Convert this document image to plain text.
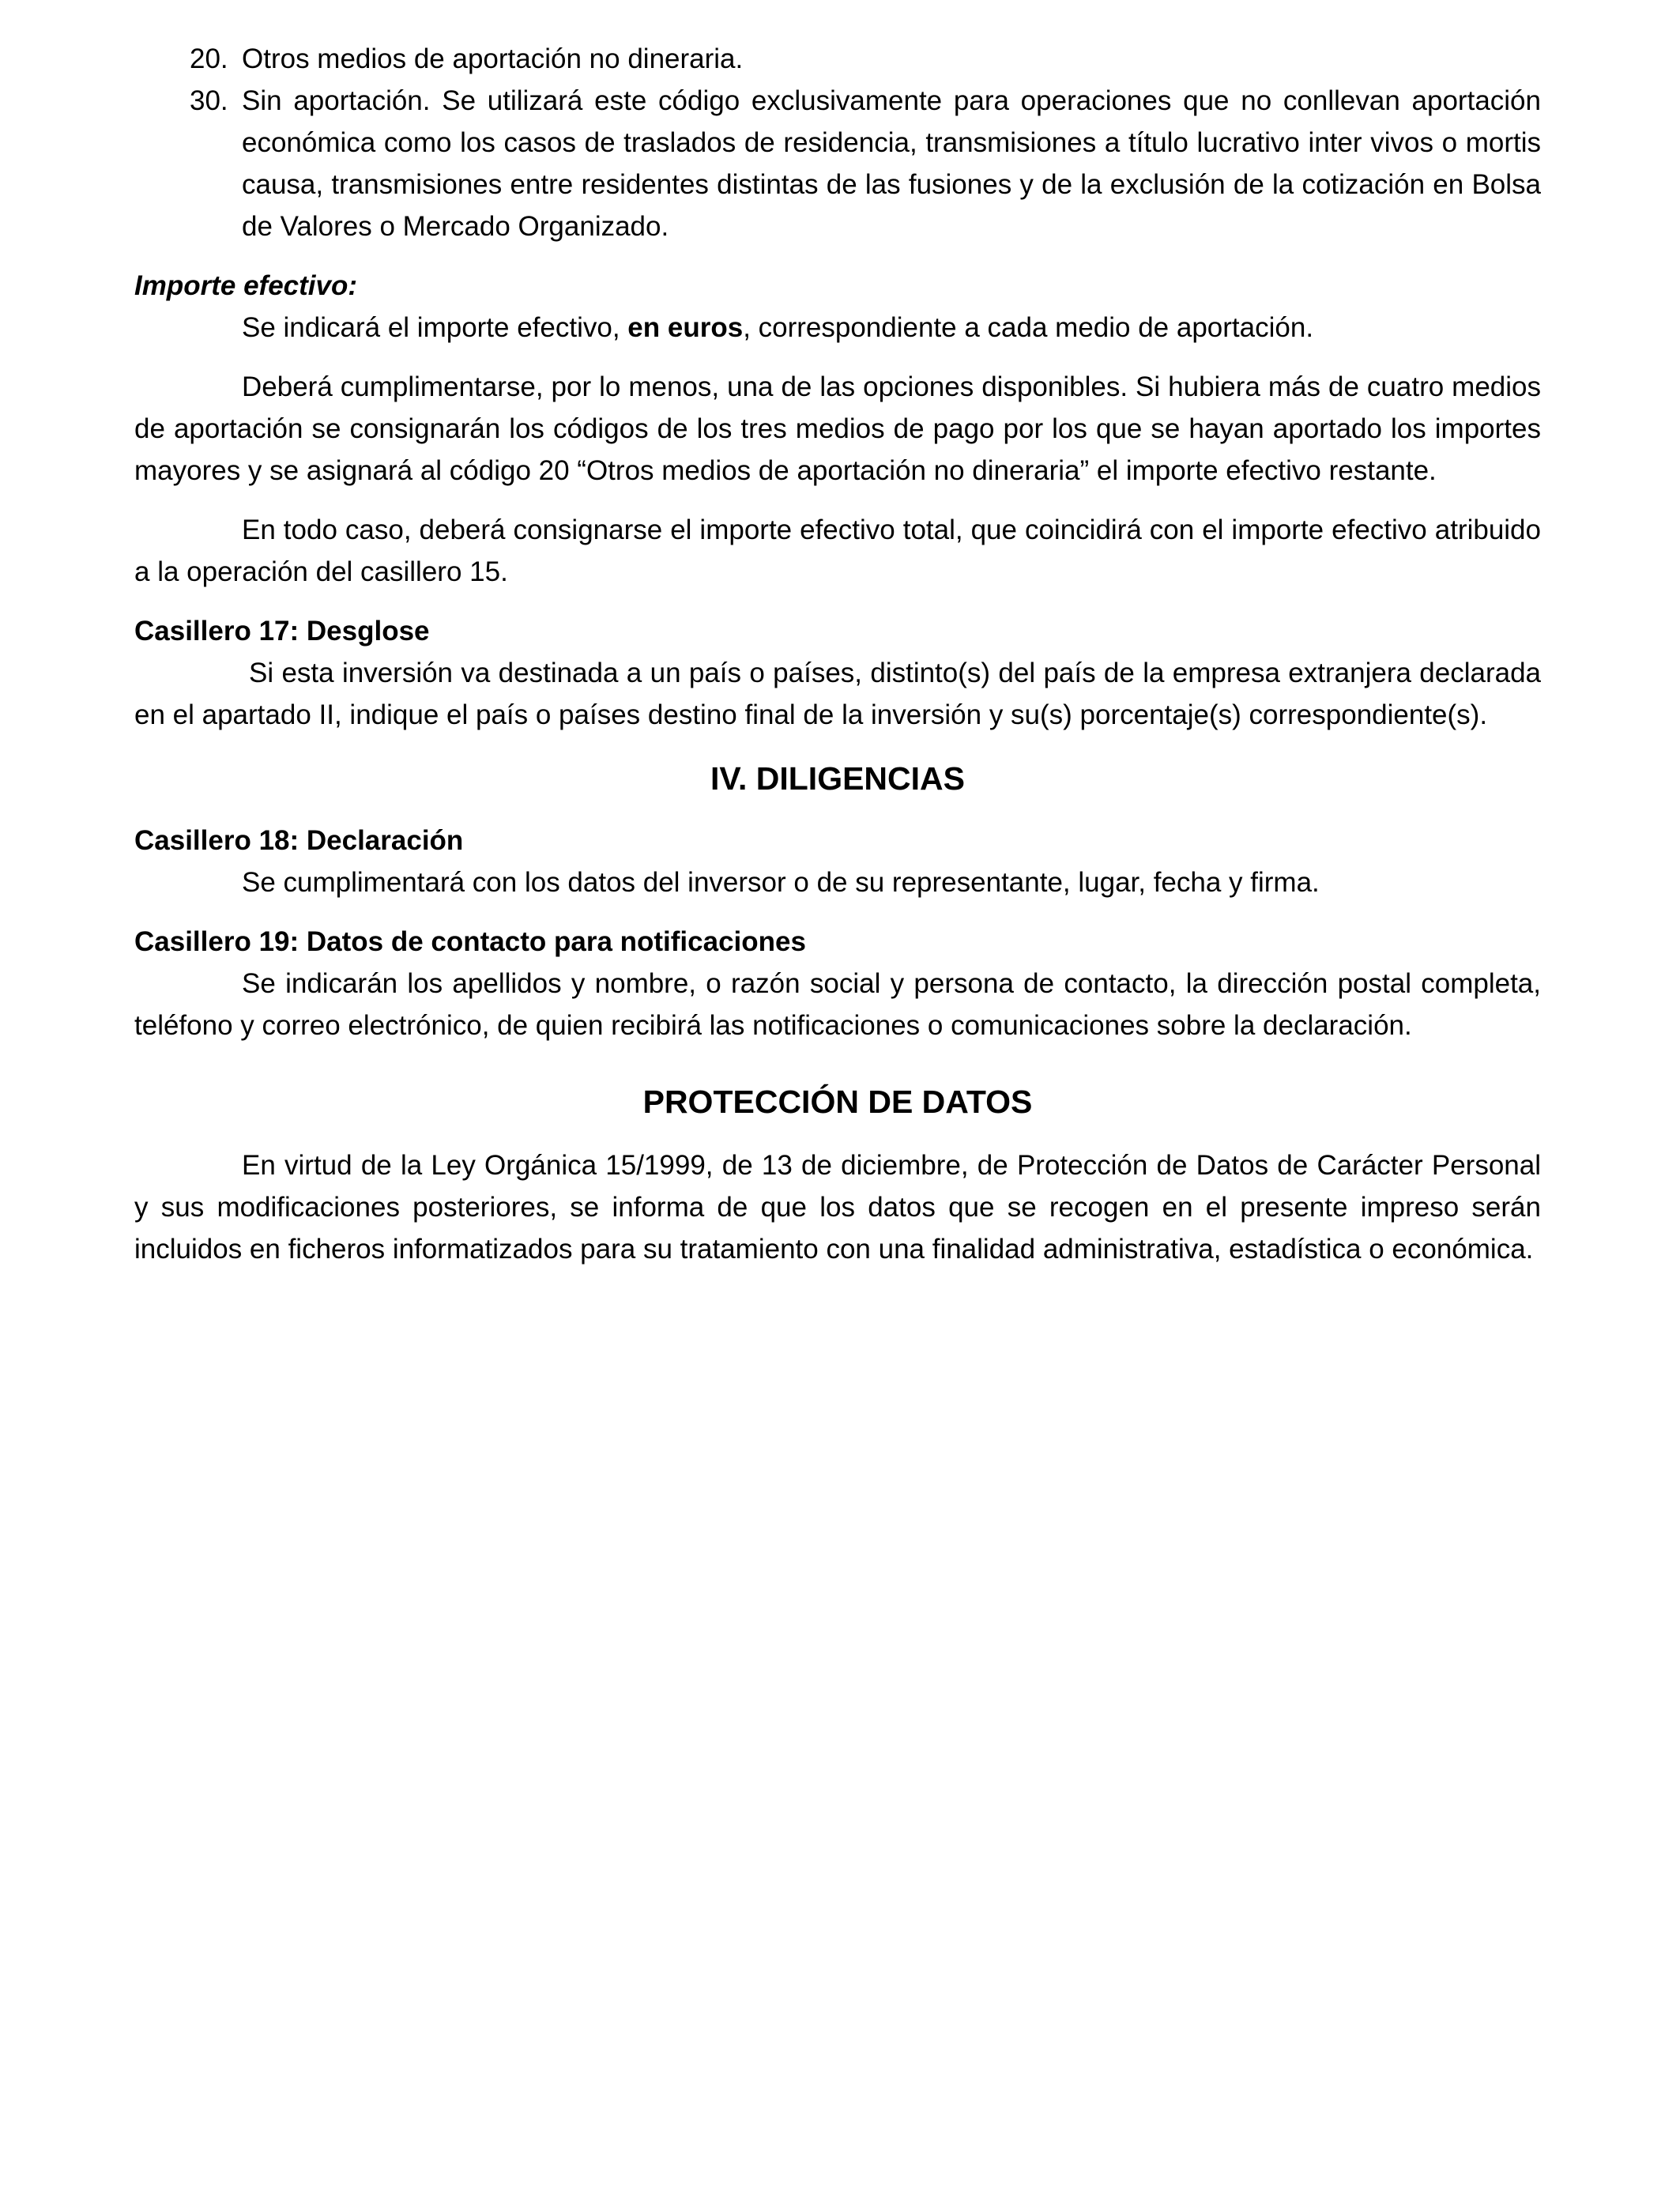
20. Otros medios de aportación no dineraria.
30. Sin aportación. Se utilizará este código exclusivamente para operaciones que no conllevan aportación económica como los casos de traslados de residencia, transmisiones a título lucrativo inter vivos o mortis causa, transmisiones entre residentes distintas de las fusiones y de la exclusión de la cotización en Bolsa de Valores o Mercado Organizado.
Importe efectivo:
Se indicará el importe efectivo, en euros, correspondiente a cada medio de aportación.
Deberá cumplimentarse, por lo menos, una de las opciones disponibles. Si hubiera más de cuatro medios de aportación se consignarán los códigos de los tres medios de pago por los que se hayan aportado los importes mayores y se asignará al código 20 “Otros medios de aportación no dineraria” el importe efectivo restante.
En todo caso, deberá consignarse el importe efectivo total, que coincidirá con el importe efectivo atribuido a la operación del casillero 15.
Casillero 17: Desglose
Si esta inversión va destinada a un país o países, distinto(s) del país de la empresa extranjera declarada en el apartado II, indique el país o países destino final de la inversión y su(s) porcentaje(s) correspondiente(s).
IV. DILIGENCIAS
Casillero 18: Declaración
Se cumplimentará con los datos del inversor o de su representante, lugar, fecha y firma.
Casillero 19: Datos de contacto para notificaciones
Se indicarán los apellidos y nombre, o razón social y persona de contacto, la dirección postal completa, teléfono y correo electrónico, de quien recibirá las notificaciones o comunicaciones sobre la declaración.
PROTECCIÓN DE DATOS
En virtud de la Ley Orgánica 15/1999, de 13 de diciembre, de Protección de Datos de Carácter Personal y sus modificaciones posteriores, se informa de que los datos que se recogen en el presente impreso serán incluidos en ficheros informatizados para su tratamiento con una finalidad administrativa, estadística o económica.
